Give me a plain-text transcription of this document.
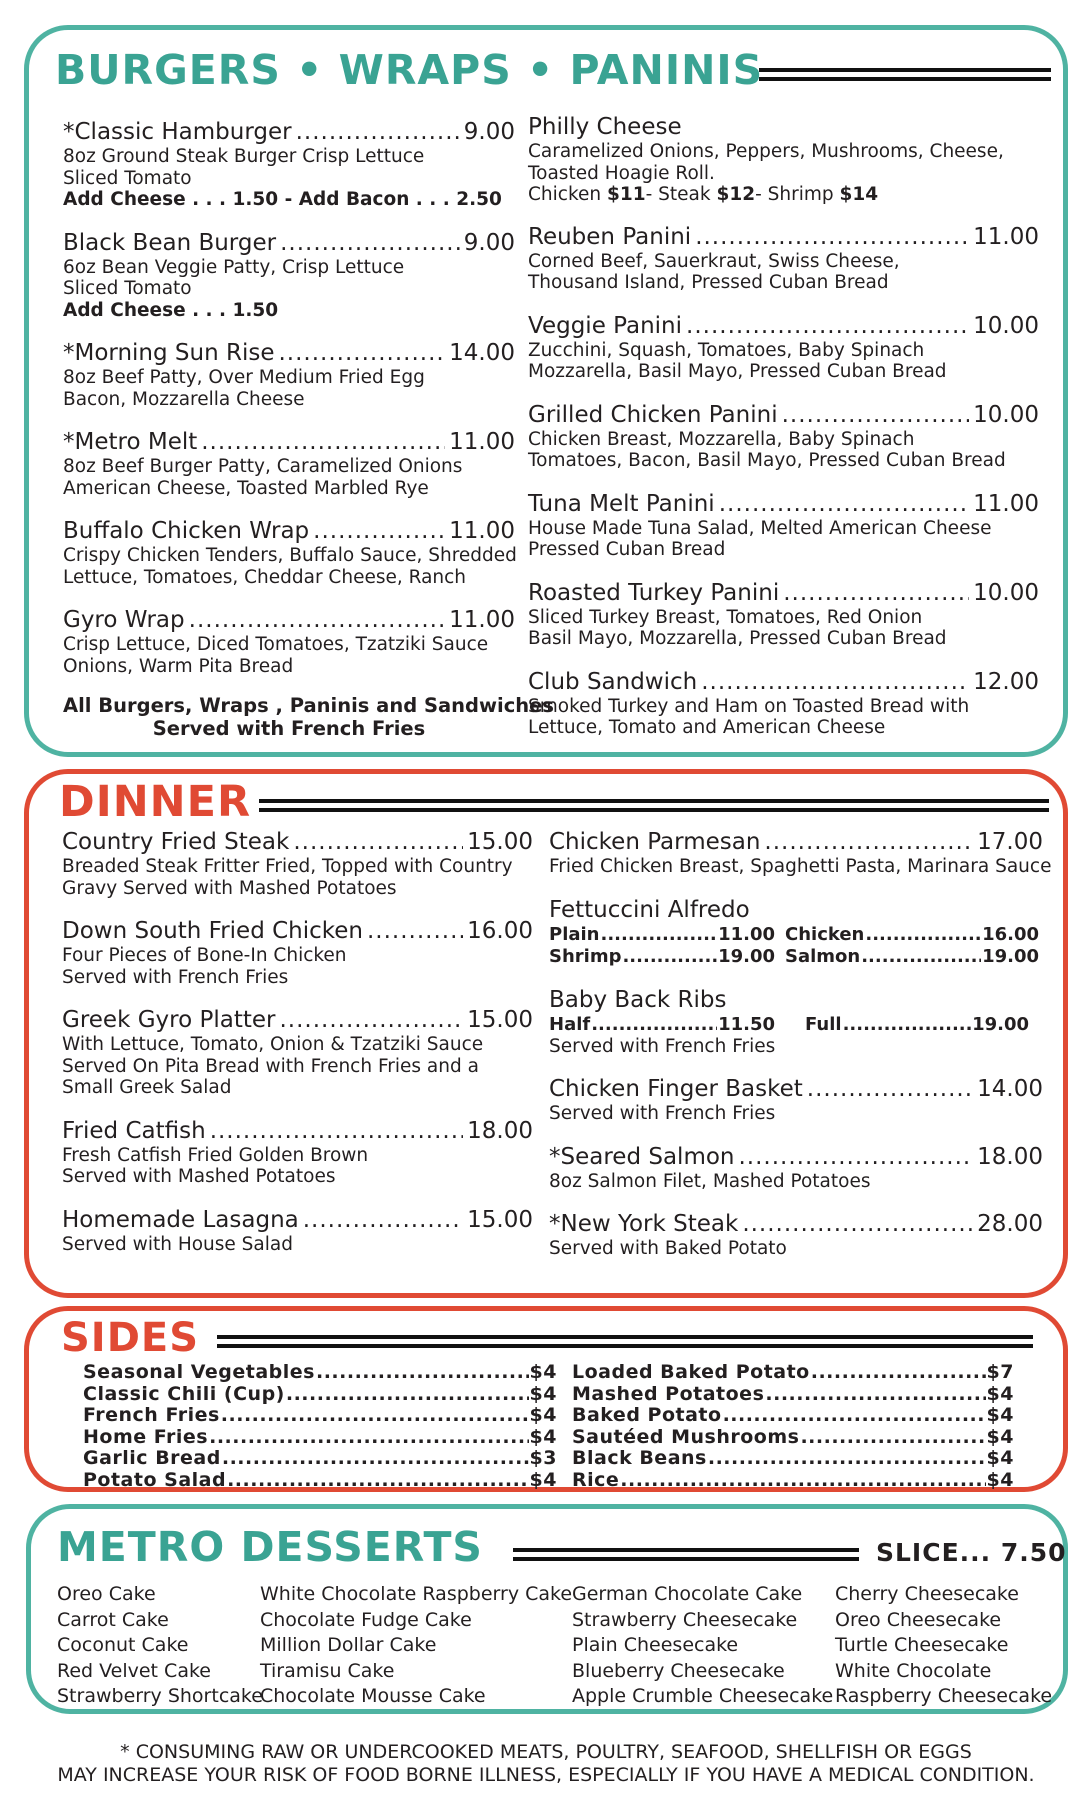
BURGERS • WRAPS • PANINIS
*Classic Hamburger .....	9.00
8oz Ground Steak Burger Crisp Lettuce
Sliced Tomato
Add Cheese . . . 1.50 - Add Bacon . . . 2.50
Black Bean Burger .....	9.00
6oz Bean Veggie Patty, Crisp Lettuce
Sliced Tomato
Add Cheese . . . 1.50
*Morning Sun Rise .....	14.00
8oz Beef Patty, Over Medium Fried Egg
Bacon, Mozzarella Cheese
*Metro Melt .....	11.00
8oz Beef Burger Patty, Caramelized Onions
American Cheese, Toasted Marbled Rye
Buffalo Chicken Wrap .....	11.00
Crispy Chicken Tenders, Buffalo Sauce, Shredded
Lettuce, Tomatoes, Cheddar Cheese, Ranch
Gyro Wrap .....	11.00
Crisp Lettuce, Diced Tomatoes, Tzatziki Sauce
Onions, Warm Pita Bread
All Burgers, Wraps , Paninis and Sandwiches
Served with French Fries
Philly Cheese
Caramelized Onions, Peppers, Mushrooms, Cheese,
Toasted Hoagie Roll.
Chicken $11- Steak $12- Shrimp $14
Reuben Panini .....	11.00
Corned Beef, Sauerkraut, Swiss Cheese,
Thousand Island, Pressed Cuban Bread
Veggie Panini .....	10.00
Zucchini, Squash, Tomatoes, Baby Spinach
Mozzarella, Basil Mayo, Pressed Cuban Bread
Grilled Chicken Panini .....	10.00
Chicken Breast, Mozzarella, Baby Spinach
Tomatoes, Bacon, Basil Mayo, Pressed Cuban Bread
Tuna Melt Panini .....	11.00
House Made Tuna Salad, Melted American Cheese
Pressed Cuban Bread
Roasted Turkey Panini .....	10.00
Sliced Turkey Breast, Tomatoes, Red Onion
Basil Mayo, Mozzarella, Pressed Cuban Bread
Club Sandwich .....	12.00
Smoked Turkey and Ham on Toasted Bread with
Lettuce, Tomato and American Cheese
DINNER
Country Fried Steak .....	15.00
Breaded Steak Fritter Fried, Topped with Country
Gravy Served with Mashed Potatoes
Down South Fried Chicken .....	16.00
Four Pieces of Bone-In Chicken
Served with French Fries
Greek Gyro Platter .....	15.00
With Lettuce, Tomato, Onion & Tzatziki Sauce
Served On Pita Bread with French Fries and a
Small Greek Salad
Fried Catfish .....	18.00
Fresh Catfish Fried Golden Brown
Served with Mashed Potatoes
Homemade Lasagna .....	15.00
Served with House Salad
Chicken Parmesan .....	17.00
Fried Chicken Breast, Spaghetti Pasta, Marinara Sauce
Fettuccini Alfredo
Plain .....	11.00 Chicken .....	16.00
Shrimp .....	19.00 Salmon .....	19.00
Baby Back Ribs
Half .....	11.50 Full .....	19.00
Served with French Fries
Chicken Finger Basket .....	14.00
Served with French Fries
*Seared Salmon .....	18.00
8oz Salmon Filet, Mashed Potatoes
*New York Steak .....	28.00
Served with Baked Potato
SIDES
Seasonal Vegetables .....	$4
Classic Chili (Cup) .....	$4
French Fries .....	$4
Home Fries .....	$4
Garlic Bread .....	$3
Potato Salad .....	$4
Loaded Baked Potato .....	$7
Mashed Potatoes .....	$4
Baked Potato .....	$4
Sautéed Mushrooms .....	$4
Black Beans .....	$4
Rice .....	$4
METRO DESSERTS	SLICE... 7.50
Oreo Cake
Carrot Cake
Coconut Cake
Red Velvet Cake
Strawberry Shortcake
White Chocolate Raspberry Cake
Chocolate Fudge Cake
Million Dollar Cake
Tiramisu Cake
Chocolate Mousse Cake
German Chocolate Cake
Strawberry Cheesecake
Plain Cheesecake
Blueberry Cheesecake
Apple Crumble Cheesecake
Cherry Cheesecake
Oreo Cheesecake
Turtle Cheesecake
White Chocolate
Raspberry Cheesecake
* CONSUMING RAW OR UNDERCOOKED MEATS, POULTRY, SEAFOOD, SHELLFISH OR EGGS
MAY INCREASE YOUR RISK OF FOOD BORNE ILLNESS, ESPECIALLY IF YOU HAVE A MEDICAL CONDITION.
